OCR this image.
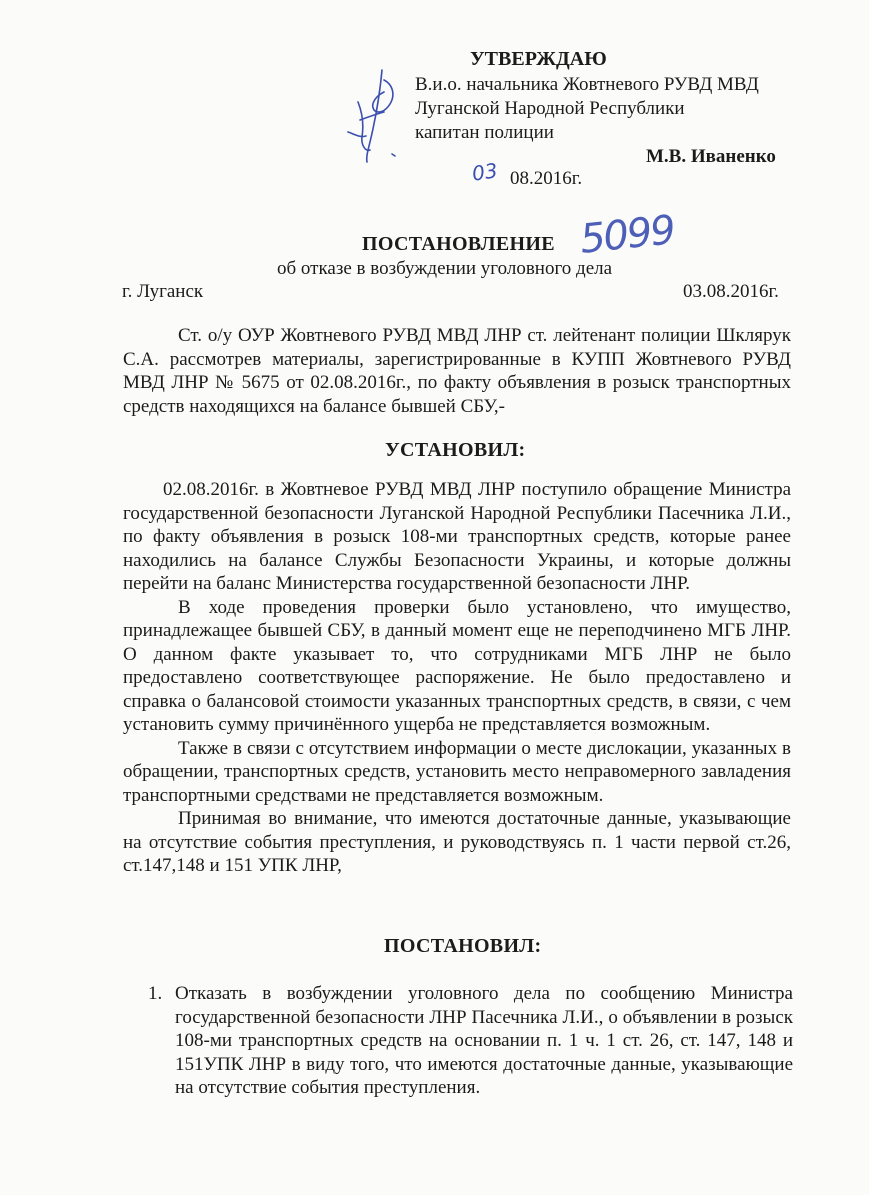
УТВЕРЖДАЮ
В.и.о. начальника Жовтневого РУВД МВД
Луганской Народной Республики
капитан полиции
М.В. Иваненко
03 08.2016г.
5099
ПОСТАНОВЛЕНИЕ
об отказе в возбуждении уголовного дела
г. Луганск	03.08.2016г.

Ст. о/у ОУР Жовтневого РУВД МВД ЛНР ст. лейтенант полиции Шклярук С.А. рассмотрев материалы, зарегистрированные в КУПП Жовтневого РУВД МВД ЛНР № 5675 от 02.08.2016г., по факту объявления в розыск транспортных средств находящихся на балансе бывшей СБУ,-

УСТАНОВИЛ:

02.08.2016г. в Жовтневое РУВД МВД ЛНР поступило обращение Министра государственной безопасности Луганской Народной Республики Пасечника Л.И., по факту объявления в розыск 108-ми транспортных средств, которые ранее находились на балансе Службы Безопасности Украины, и которые должны перейти на баланс Министерства государственной безопасности ЛНР.

В ходе проведения проверки было установлено, что имущество, принадлежащее бывшей СБУ, в данный момент еще не переподчинено МГБ ЛНР. О данном факте указывает то, что сотрудниками МГБ ЛНР не было предоставлено соответствующее распоряжение. Не было предоставлено и справка о балансовой стоимости указанных транспортных средств, в связи, с чем установить сумму причинённого ущерба не представляется возможным.

Также в связи с отсутствием информации о месте дислокации, указанных в обращении, транспортных средств, установить место неправомерного завладения транспортными средствами не представляется возможным.

Принимая во внимание, что имеются достаточные данные, указывающие на отсутствие события преступления, и руководствуясь п. 1 части первой ст.26, ст.147,148 и 151 УПК ЛНР,

ПОСТАНОВИЛ:
1. Отказать в возбуждении уголовного дела по сообщению Министра государственной безопасности ЛНР Пасечника Л.И., о объявлении в розыск 108-ми транспортных средств на основании п. 1 ч. 1 ст. 26, ст. 147, 148 и 151УПК ЛНР в виду того, что имеются достаточные данные, указывающие на отсутствие события преступления.
